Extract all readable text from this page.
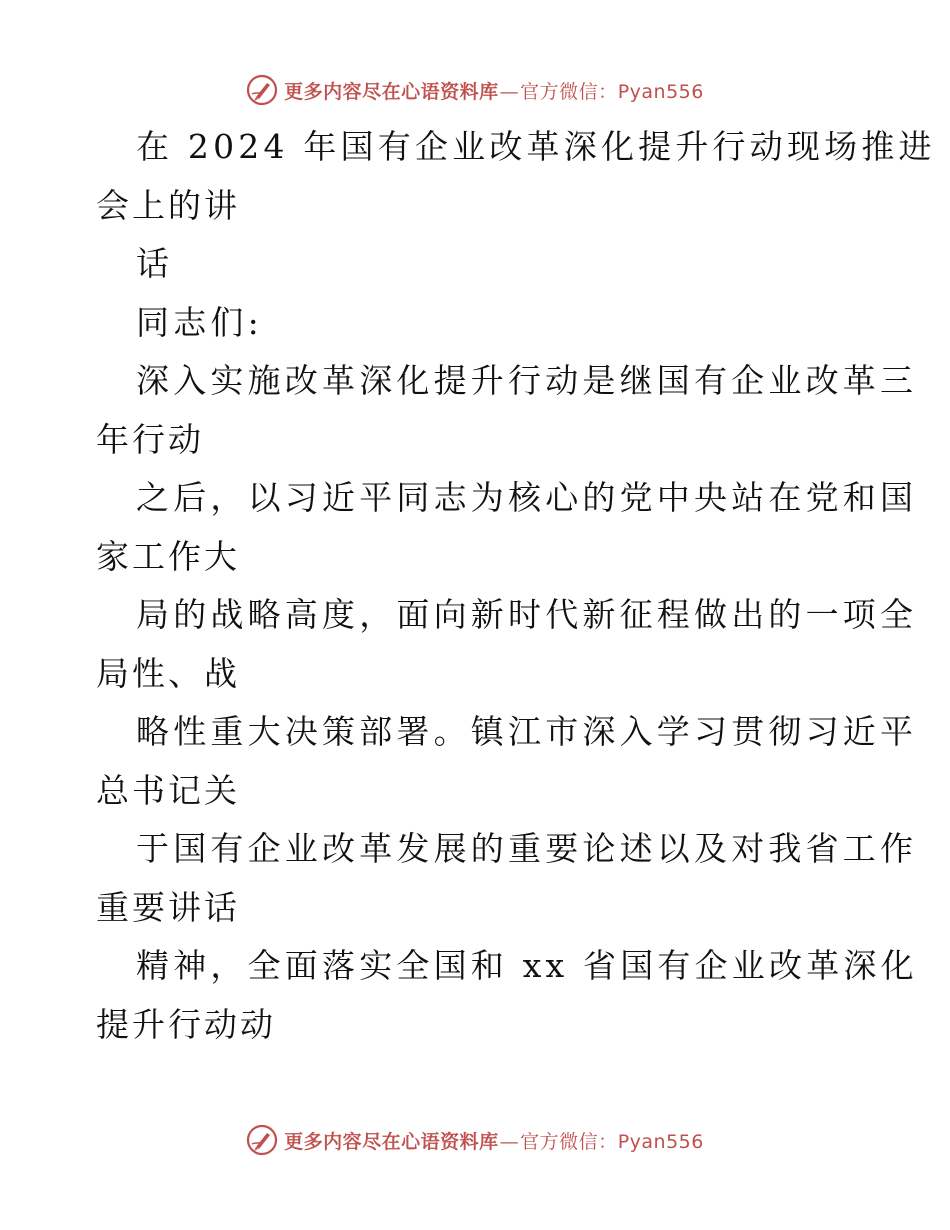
更多内容尽在心语资料库—官方微信：Pyan556
在 2024 年国有企业改革深化提升行动现场推进
会上的讲
话
同志们:
深入实施改革深化提升行动是继国有企业改革三
年行动
之后，以习近平同志为核心的党中央站在党和国
家工作大
局的战略高度，面向新时代新征程做出的一项全
局性、战
略性重大决策部署。镇江市深入学习贯彻习近平
总书记关
于国有企业改革发展的重要论述以及对我省工作
重要讲话
精神，全面落实全国和 xx 省国有企业改革深化
提升行动动
更多内容尽在心语资料库—官方微信：Pyan556
